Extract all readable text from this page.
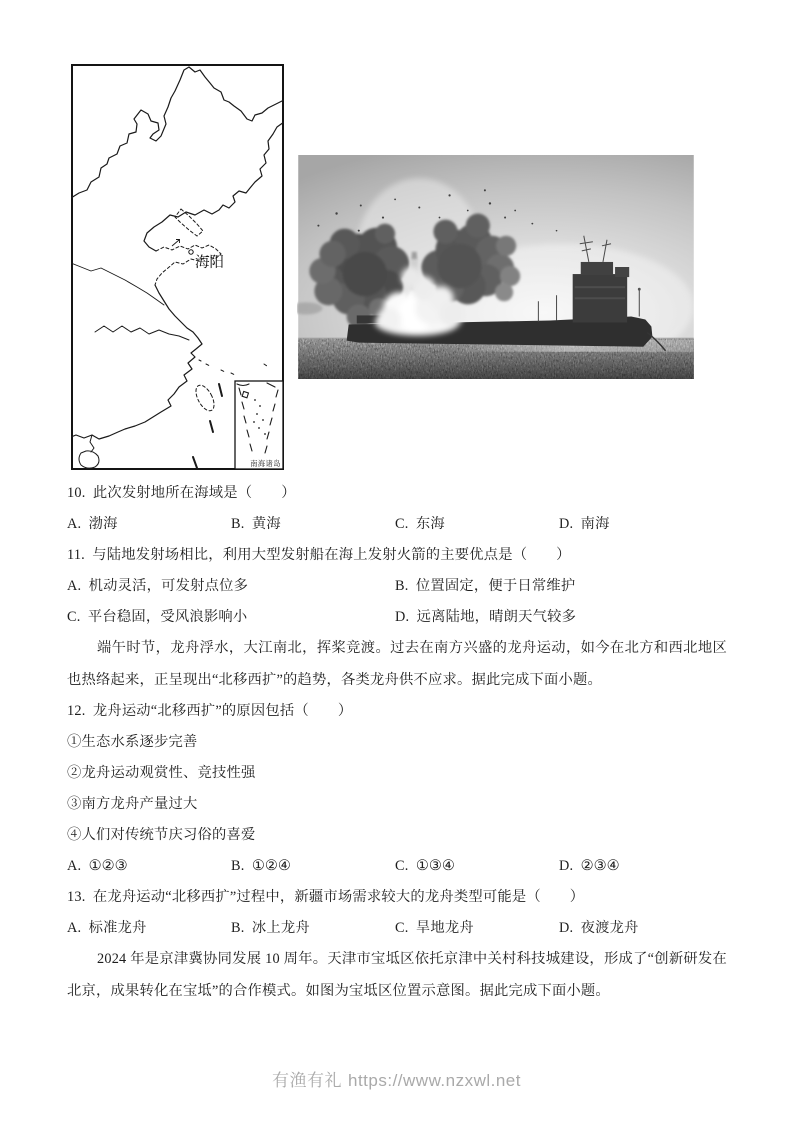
海阳
南海诸岛

10. 此次发射地所在海域是（　　）

A. 渤海	B. 黄海	C. 东海	D. 南海

11. 与陆地发射场相比，利用大型发射船在海上发射火箭的主要优点是（　　）

A. 机动灵活，可发射点位多	B. 位置固定，便于日常维护
C. 平台稳固，受风浪影响小	D. 远离陆地，晴朗天气较多

端午时节，龙舟浮水，大江南北，挥桨竞渡。过去在南方兴盛的龙舟运动，如今在北方和西北地区也热络起来，正呈现出“北移西扩”的趋势，各类龙舟供不应求。据此完成下面小题。

12. 龙舟运动“北移西扩”的原因包括（　　）

①生态水系逐步完善

②龙舟运动观赏性、竞技性强

③南方龙舟产量过大

④人们对传统节庆习俗的喜爱

A. ①②③	B. ①②④	C. ①③④	D. ②③④

13. 在龙舟运动“北移西扩”过程中，新疆市场需求较大的龙舟类型可能是（　　）

A. 标准龙舟	B. 冰上龙舟	C. 旱地龙舟	D. 夜渡龙舟

2024 年是京津冀协同发展 10 周年。天津市宝坻区依托京津中关村科技城建设，形成了“创新研发在北京，成果转化在宝坻”的合作模式。如图为宝坻区位置示意图。据此完成下面小题。

有渔有礼 https://www.nzxwl.net
